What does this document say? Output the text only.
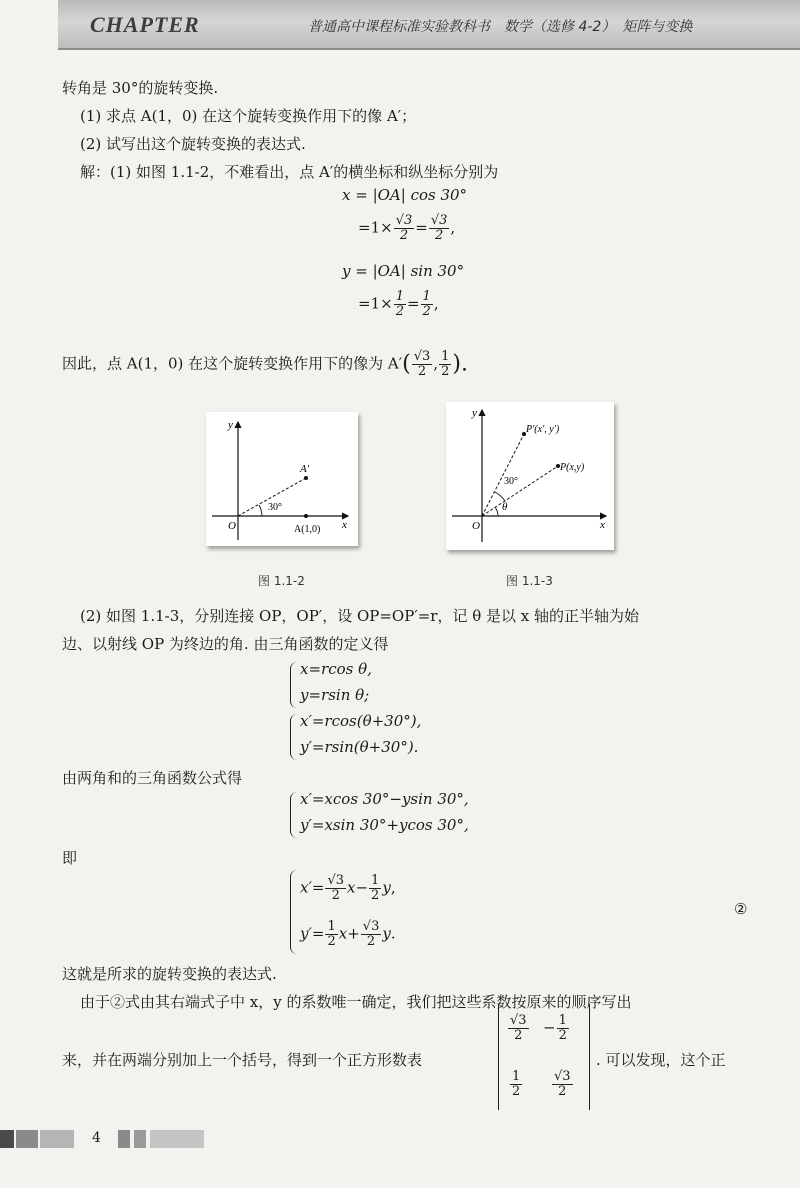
CHAPTER	普通高中课程标准实验教科书　数学（选修 4-2）　矩阵与变换
转角是 30°的旋转变换.
(1) 求点 A(1，0) 在这个旋转变换作用下的像 A′；
(2) 试写出这个旋转变换的表达式.
解：(1) 如图 1.1-2，不难看出，点 A′的横坐标和纵坐标分别为
x = |OA| cos 30°
$=1\times \frac{√3}{2} = \frac{√3}{2}$ ,
y = |OA| sin 30°
$=1\times \frac{1}{2} = \frac{1}{2}$ ,
因此，点 A(1，0) 在这个旋转变换作用下的像为 $A'( \frac{√3}{2}$ , $\frac{1}{2}$ ).
y
x
O	A(1,0)
A′
30°
图 1.1-2
y
x
O
P(x,y)
P′(x′, y′)
30°
θ
图 1.1-3
(2) 如图 1.1-3，分别连接 OP，OP′，设 OP=OP′=r，记 θ 是以 x 轴的正半轴为始
边、以射线 OP 为终边的角. 由三角函数的定义得
x=rcos θ,
y=rsin θ;
x′=rcos(θ+30°),
y′=rsin(θ+30°).
由两角和的三角函数公式得
x′=xcos 30°−ysin 30°,
y′=xsin 30°+ycos 30°,
即
$x'= \frac{√3}{2} x- \frac{1}{2} y$,
$y'= \frac{1}{2} x+ \frac{√3}{2} y$.
②
这就是所求的旋转变换的表达式.
由于②式由其右端式子中 x，y 的系数唯一确定，我们把这些系数按原来的顺序写出
来，并在两端分别加上一个括号，得到一个正方形数表
$\frac{√3}{2} - \frac{1}{2}$
$\frac{1}{2} \frac{√3}{2}$
. 可以发现，这个正
4
